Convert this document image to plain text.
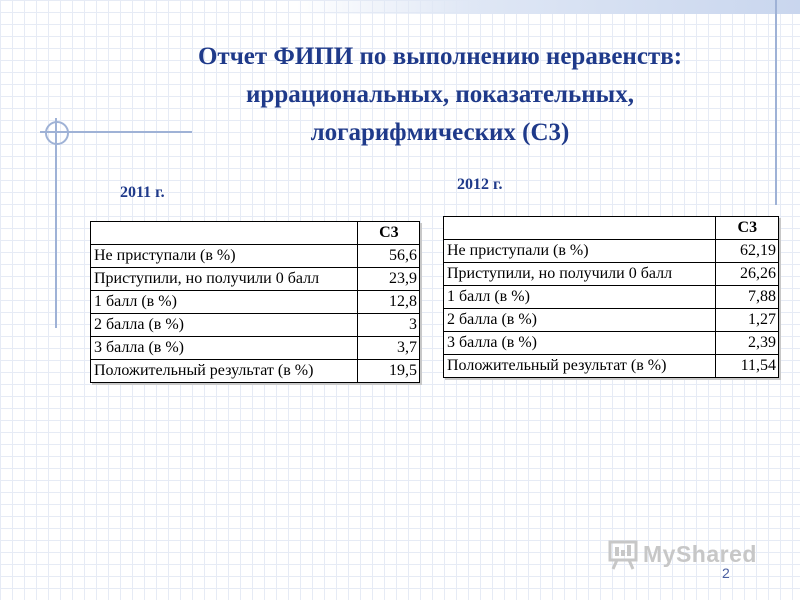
Отчет ФИПИ по выполнению неравенств:
иррациональных, показательных,
логарифмических (С3)
2011 г.	2012 г.
	С3
Не приступали (в %)	56,6
Приступили, но получили 0 балл	23,9
1 балл (в %)	12,8
2 балла (в %)	3
3 балла (в %)	3,7
Положительный результат (в %)	19,5
	С3
Не приступали (в %)	62,19
Приступили, но получили 0 балл	26,26
1 балл (в %)	7,88
2 балла (в %)	1,27
3 балла (в %)	2,39
Положительный результат (в %)	11,54
MyShared
2
